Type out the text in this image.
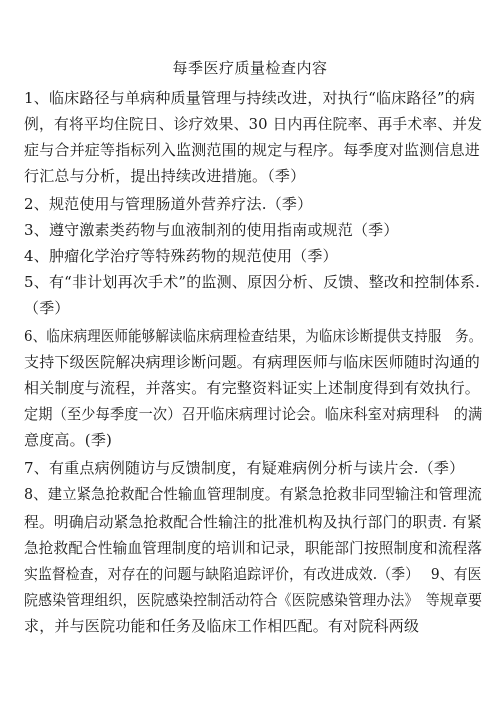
每季医疗质量检查内容
1、临床路径与单病种质量管理与持续改进，对执行“临床路径”的病
例，有将平均住院日、诊疗效果、30 日内再住院率、再手术率、并发
症与合并症等指标列入监测范围的规定与程序。每季度对监测信息进
行汇总与分析，提出持续改进措施。（季）
2、规范使用与管理肠道外营养疗法.（季）
3、遵守激素类药物与血液制剂的使用指南或规范（季）
4、肿瘤化学治疗等特殊药物的规范使用（季）
5、有“非计划再次手术”的监测、原因分析、反馈、整改和控制体系.
（季）
6、临床病理医师能够解读临床病理检查结果，为临床诊断提供支持服　务。
支持下级医院解决病理诊断问题。有病理医师与临床医师随时沟通的
相关制度与流程，并落实。有完整资料证实上述制度得到有效执行。
定期（至少每季度一次）召开临床病理讨论会。临床科室对病理科　的满
意度高。(季)
7、有重点病例随访与反馈制度，有疑难病例分析与读片会.（季）
8、建立紧急抢救配合性输血管理制度。有紧急抢救非同型输注和管理流
程。明确启动紧急抢救配合性输注的批准机构及执行部门的职责. 有紧
急抢救配合性输血管理制度的培训和记录，职能部门按照制度和流程落
实监督检查，对存在的问题与缺陷追踪评价，有改进成效.（季）　 9、有医
院感染管理组织，医院感染控制活动符合《医院感染管理办法》　等规章要
求，并与医院功能和任务及临床工作相匹配。有对院科两级
